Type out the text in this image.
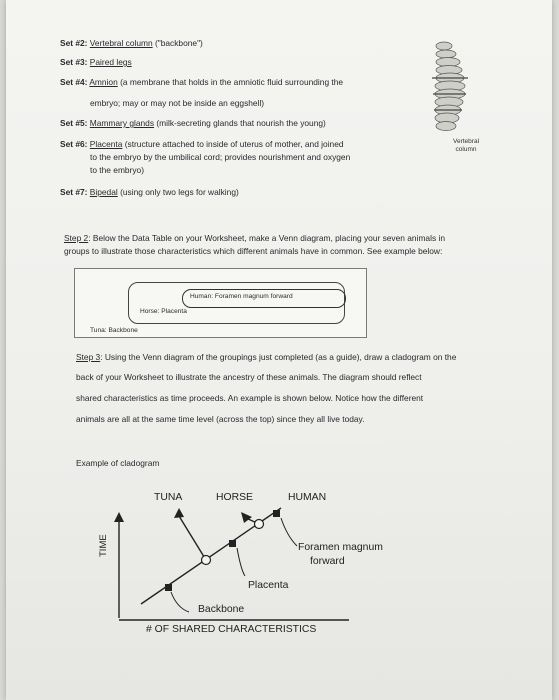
Set #2: Vertebral column ("backbone")
Set #3: Paired legs
Set #4: Amnion (a membrane that holds in the amniotic fluid surrounding the
embryo; may or may not be inside an eggshell)
Set #5: Mammary glands (milk-secreting glands that nourish the young)
Set #6: Placenta (structure attached to inside of uterus of mother, and joined
to the embryo by the umbilical cord; provides nourishment and oxygen
to the embryo)
Set #7: Bipedal (using only two legs for walking)
Vertebral
column
Step 2: Below the Data Table on your Worksheet, make a Venn diagram, placing your seven animals in
groups to illustrate those characteristics which different animals have in common. See example below:
Human: Foramen magnum forward
Horse: Placenta
Tuna: Backbone
Step 3: Using the Venn diagram of the groupings just completed (as a guide), draw a cladogram on the
back of your Worksheet to illustrate the ancestry of these animals. The diagram should reflect
shared characteristics as time proceeds. An example is shown below. Notice how the different
animals are all at the same time level (across the top) since they all live today.
Example of cladogram
TUNA	HORSE	HUMAN
TIME	Foramen magnum
forward
Placenta
Backbone
# OF SHARED CHARACTERISTICS
